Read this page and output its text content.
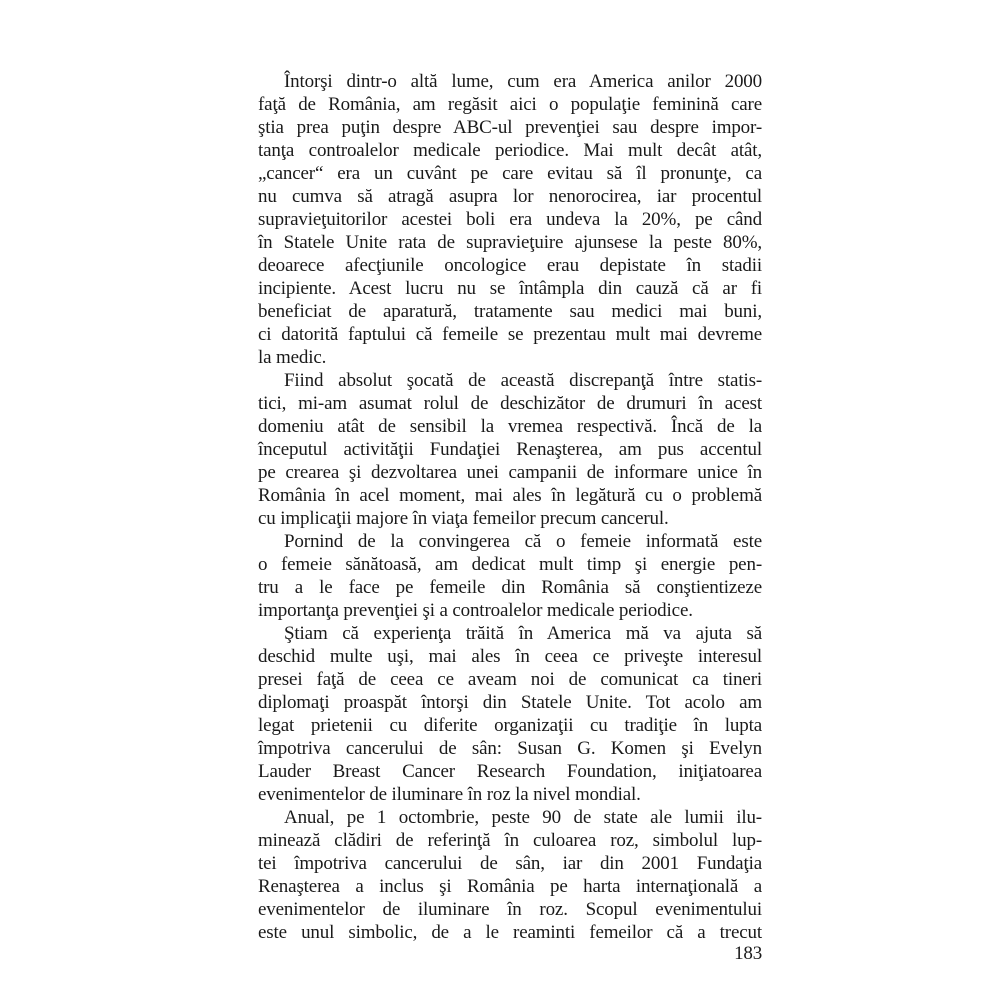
Întorşi dintr-o altă lume, cum era America anilor 2000
faţă de România, am regăsit aici o populaţie feminină care
ştia prea puţin despre ABC-ul prevenţiei sau despre impor-
tanţa controalelor medicale periodice. Mai mult decât atât,
„cancer“ era un cuvânt pe care evitau să îl pronunţe, ca
nu cumva să atragă asupra lor nenorocirea, iar procentul
supravieţuitorilor acestei boli era undeva la 20%, pe când
în Statele Unite rata de supravieţuire ajunsese la peste 80%,
deoarece afecţiunile oncologice erau depistate în stadii
incipiente. Acest lucru nu se întâmpla din cauză că ar fi
beneficiat de aparatură, tratamente sau medici mai buni,
ci datorită faptului că femeile se prezentau mult mai devreme
la medic.
Fiind absolut şocată de această discrepanţă între statis-
tici, mi-am asumat rolul de deschizător de drumuri în acest
domeniu atât de sensibil la vremea respectivă. Încă de la
începutul activităţii Fundaţiei Renaşterea, am pus accentul
pe crearea şi dezvoltarea unei campanii de informare unice în
România în acel moment, mai ales în legătură cu o problemă
cu implicaţii majore în viaţa femeilor precum cancerul.
Pornind de la convingerea că o femeie informată este
o femeie sănătoasă, am dedicat mult timp şi energie pen-
tru a le face pe femeile din România să conştientizeze
importanţa prevenţiei şi a controalelor medicale periodice.
Ştiam că experienţa trăită în America mă va ajuta să
deschid multe uşi, mai ales în ceea ce priveşte interesul
presei faţă de ceea ce aveam noi de comunicat ca tineri
diplomaţi proaspăt întorşi din Statele Unite. Tot acolo am
legat prietenii cu diferite organizaţii cu tradiţie în lupta
împotriva cancerului de sân: Susan G. Komen şi Evelyn
Lauder Breast Cancer Research Foundation, iniţiatoarea
evenimentelor de iluminare în roz la nivel mondial.
Anual, pe 1 octombrie, peste 90 de state ale lumii ilu-
minează clădiri de referinţă în culoarea roz, simbolul lup-
tei împotriva cancerului de sân, iar din 2001 Fundaţia
Renaşterea a inclus şi România pe harta internaţională a
evenimentelor de iluminare în roz. Scopul evenimentului
este unul simbolic, de a le reaminti femeilor că a trecut
183
